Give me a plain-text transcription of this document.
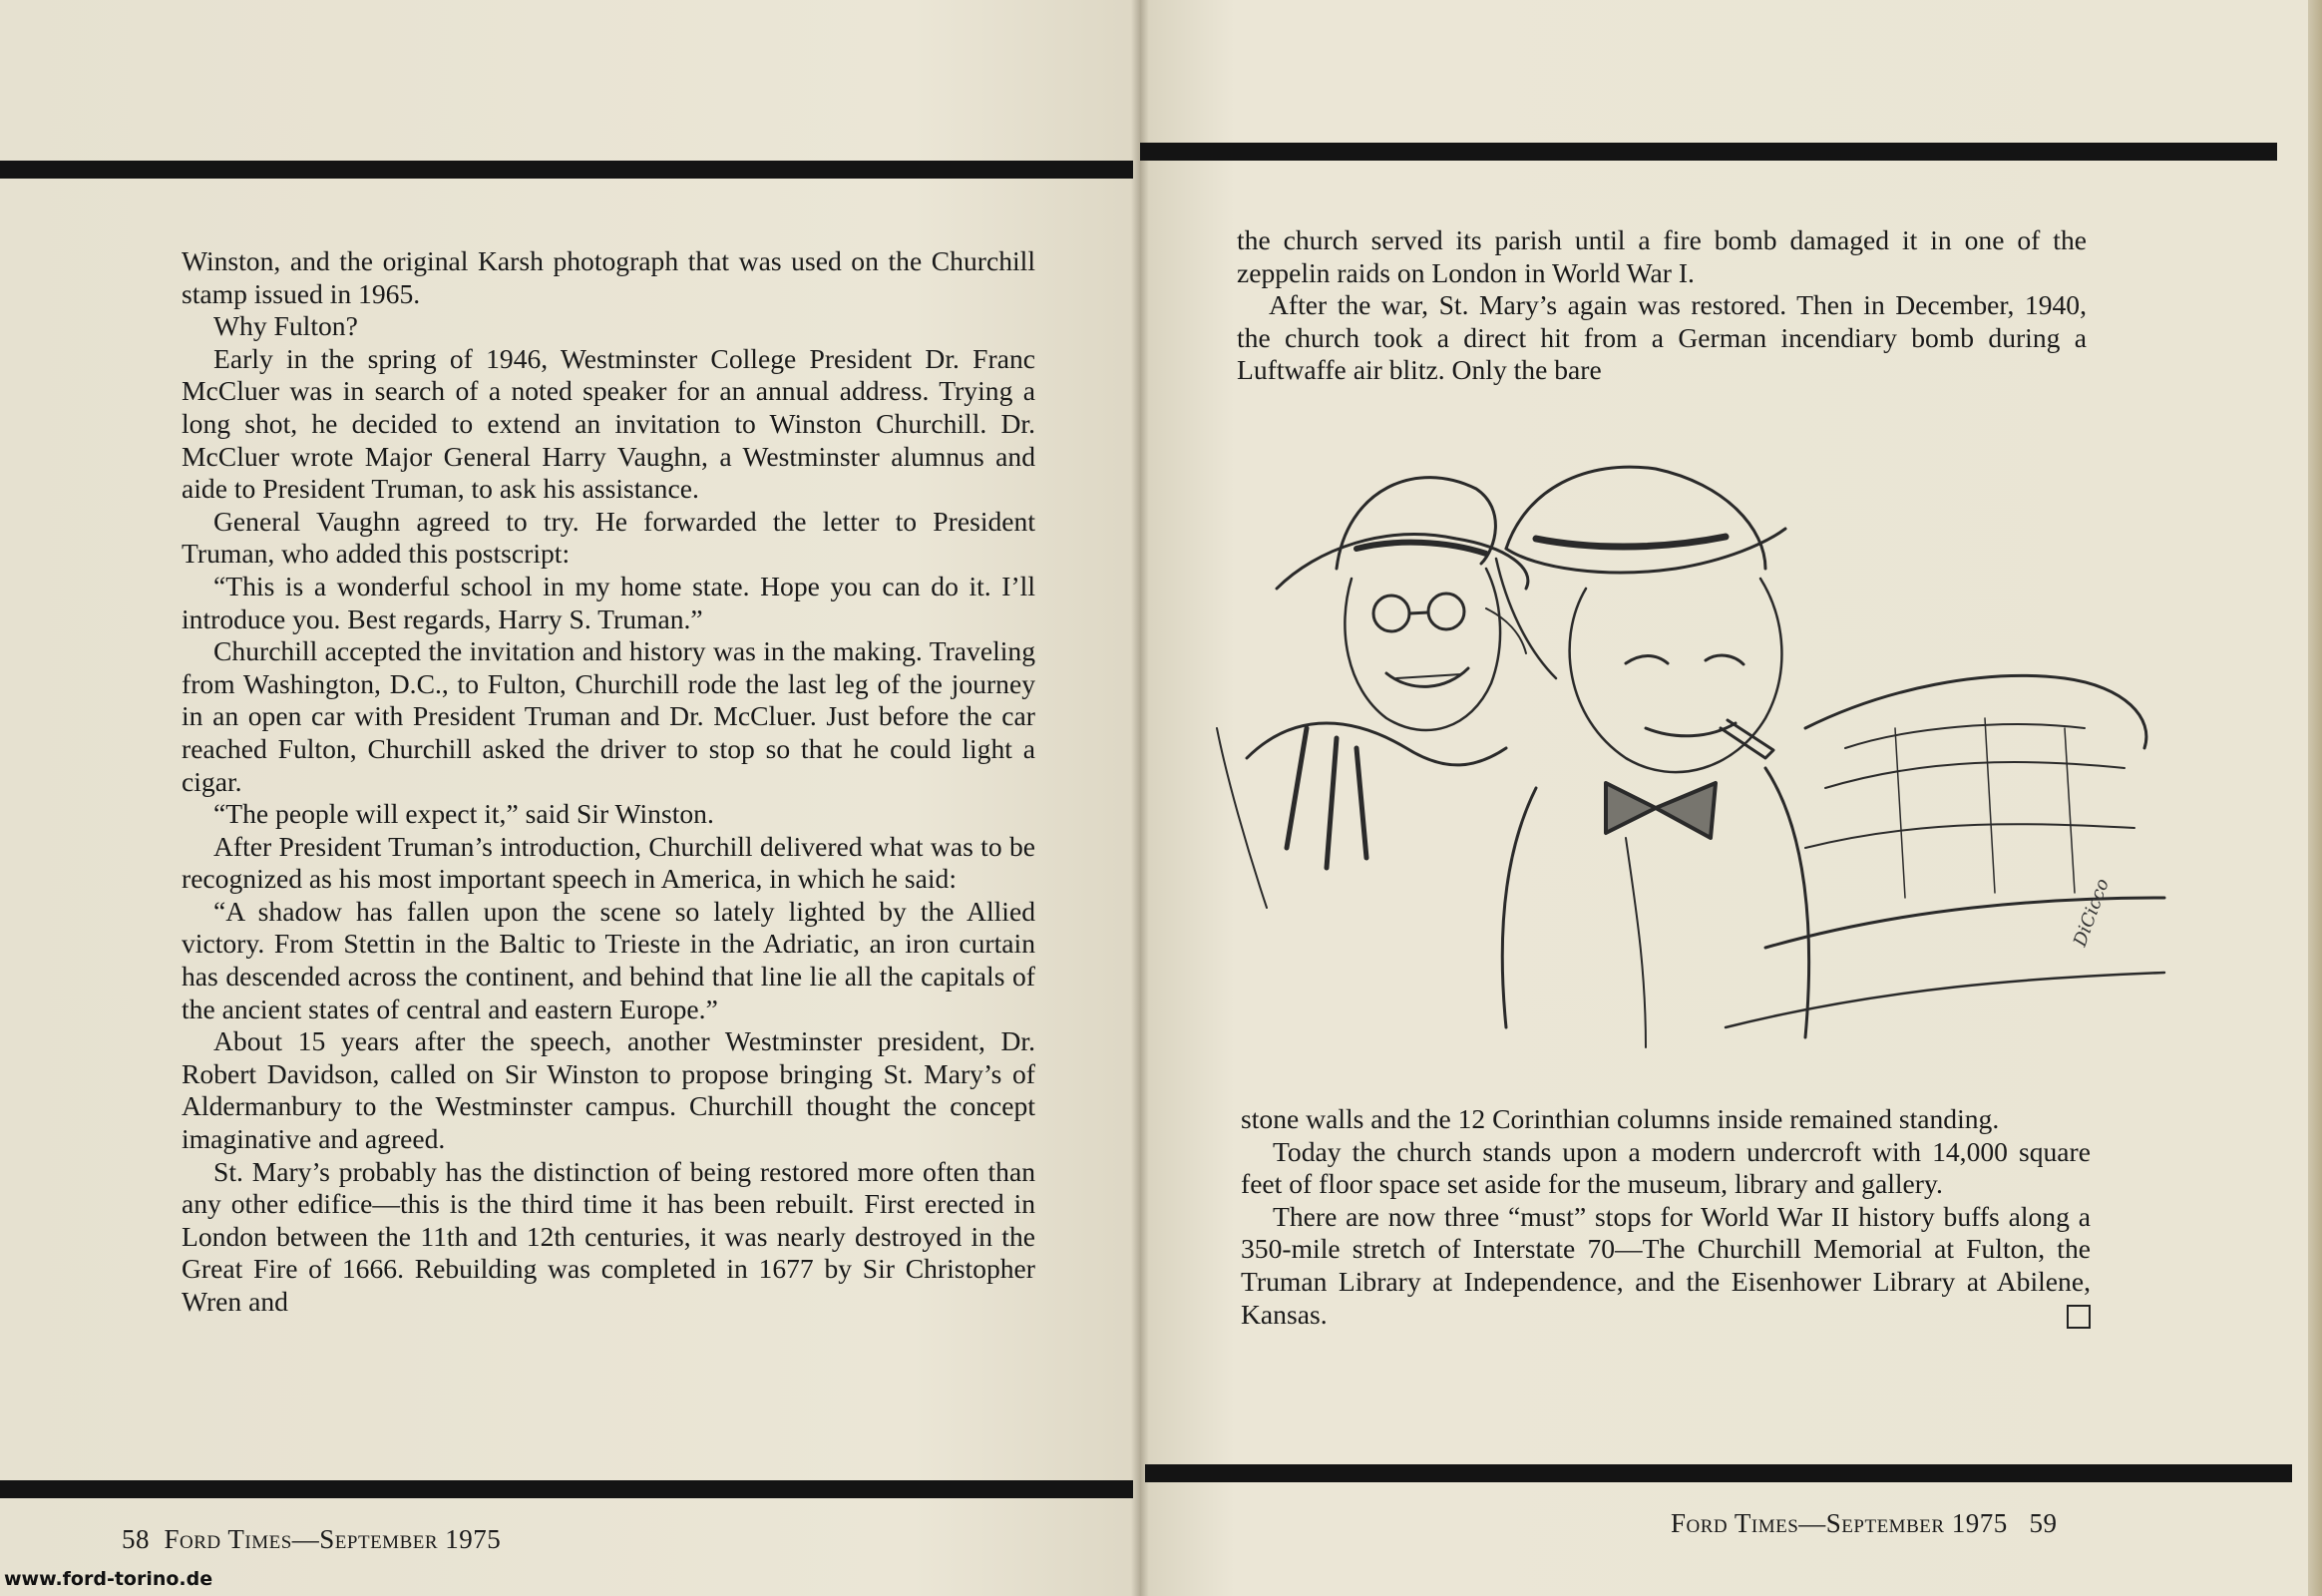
Winston, and the original Karsh photograph that was used on the Churchill stamp issued in 1965.

Why Fulton?

Early in the spring of 1946, Westminster College President Dr. Franc McCluer was in search of a noted speaker for an annual address. Trying a long shot, he decided to extend an invitation to Winston Churchill. Dr. McCluer wrote Major General Harry Vaughn, a Westminster alumnus and aide to President Truman, to ask his assistance.

General Vaughn agreed to try. He forwarded the letter to President Truman, who added this postscript:

“This is a wonderful school in my home state. Hope you can do it. I’ll introduce you. Best regards, Harry S. Truman.”

Churchill accepted the invitation and history was in the making. Traveling from Washington, D.C., to Fulton, Churchill rode the last leg of the journey in an open car with President Truman and Dr. McCluer. Just before the car reached Fulton, Churchill asked the driver to stop so that he could light a cigar.

“The people will expect it,” said Sir Winston.

After President Truman’s introduction, Churchill delivered what was to be recognized as his most important speech in America, in which he said:

“A shadow has fallen upon the scene so lately lighted by the Allied victory. From Stettin in the Baltic to Trieste in the Adriatic, an iron curtain has descended across the continent, and behind that line lie all the capitals of the ancient states of central and eastern Europe.”

About 15 years after the speech, another Westminster president, Dr. Robert Davidson, called on Sir Winston to propose bringing St. Mary’s of Aldermanbury to the Westminster campus. Churchill thought the concept imaginative and agreed.

St. Mary’s probably has the distinction of being restored more often than any other edifice—this is the third time it has been rebuilt. First erected in London between the 11th and 12th centuries, it was nearly destroyed in the Great Fire of 1666. Rebuilding was completed in 1677 by Sir Christopher Wren and

the church served its parish until a fire bomb damaged it in one of the zeppelin raids on London in World War I.

After the war, St. Mary’s again was restored. Then in December, 1940, the church took a direct hit from a German incendiary bomb during a Luftwaffe air blitz. Only the bare

DiCicco

stone walls and the 12 Corinthian columns inside remained standing.

Today the church stands upon a modern undercroft with 14,000 square feet of floor space set aside for the museum, library and gallery.

There are now three “must” stops for World War II history buffs along a 350-mile stretch of Interstate 70—The Churchill Memorial at Fulton, the Truman Library at Independence, and the Eisenhower Library at Abilene, Kansas.

58 Ford Times—September 1975
Ford Times—September 1975 59
www.ford-torino.de
